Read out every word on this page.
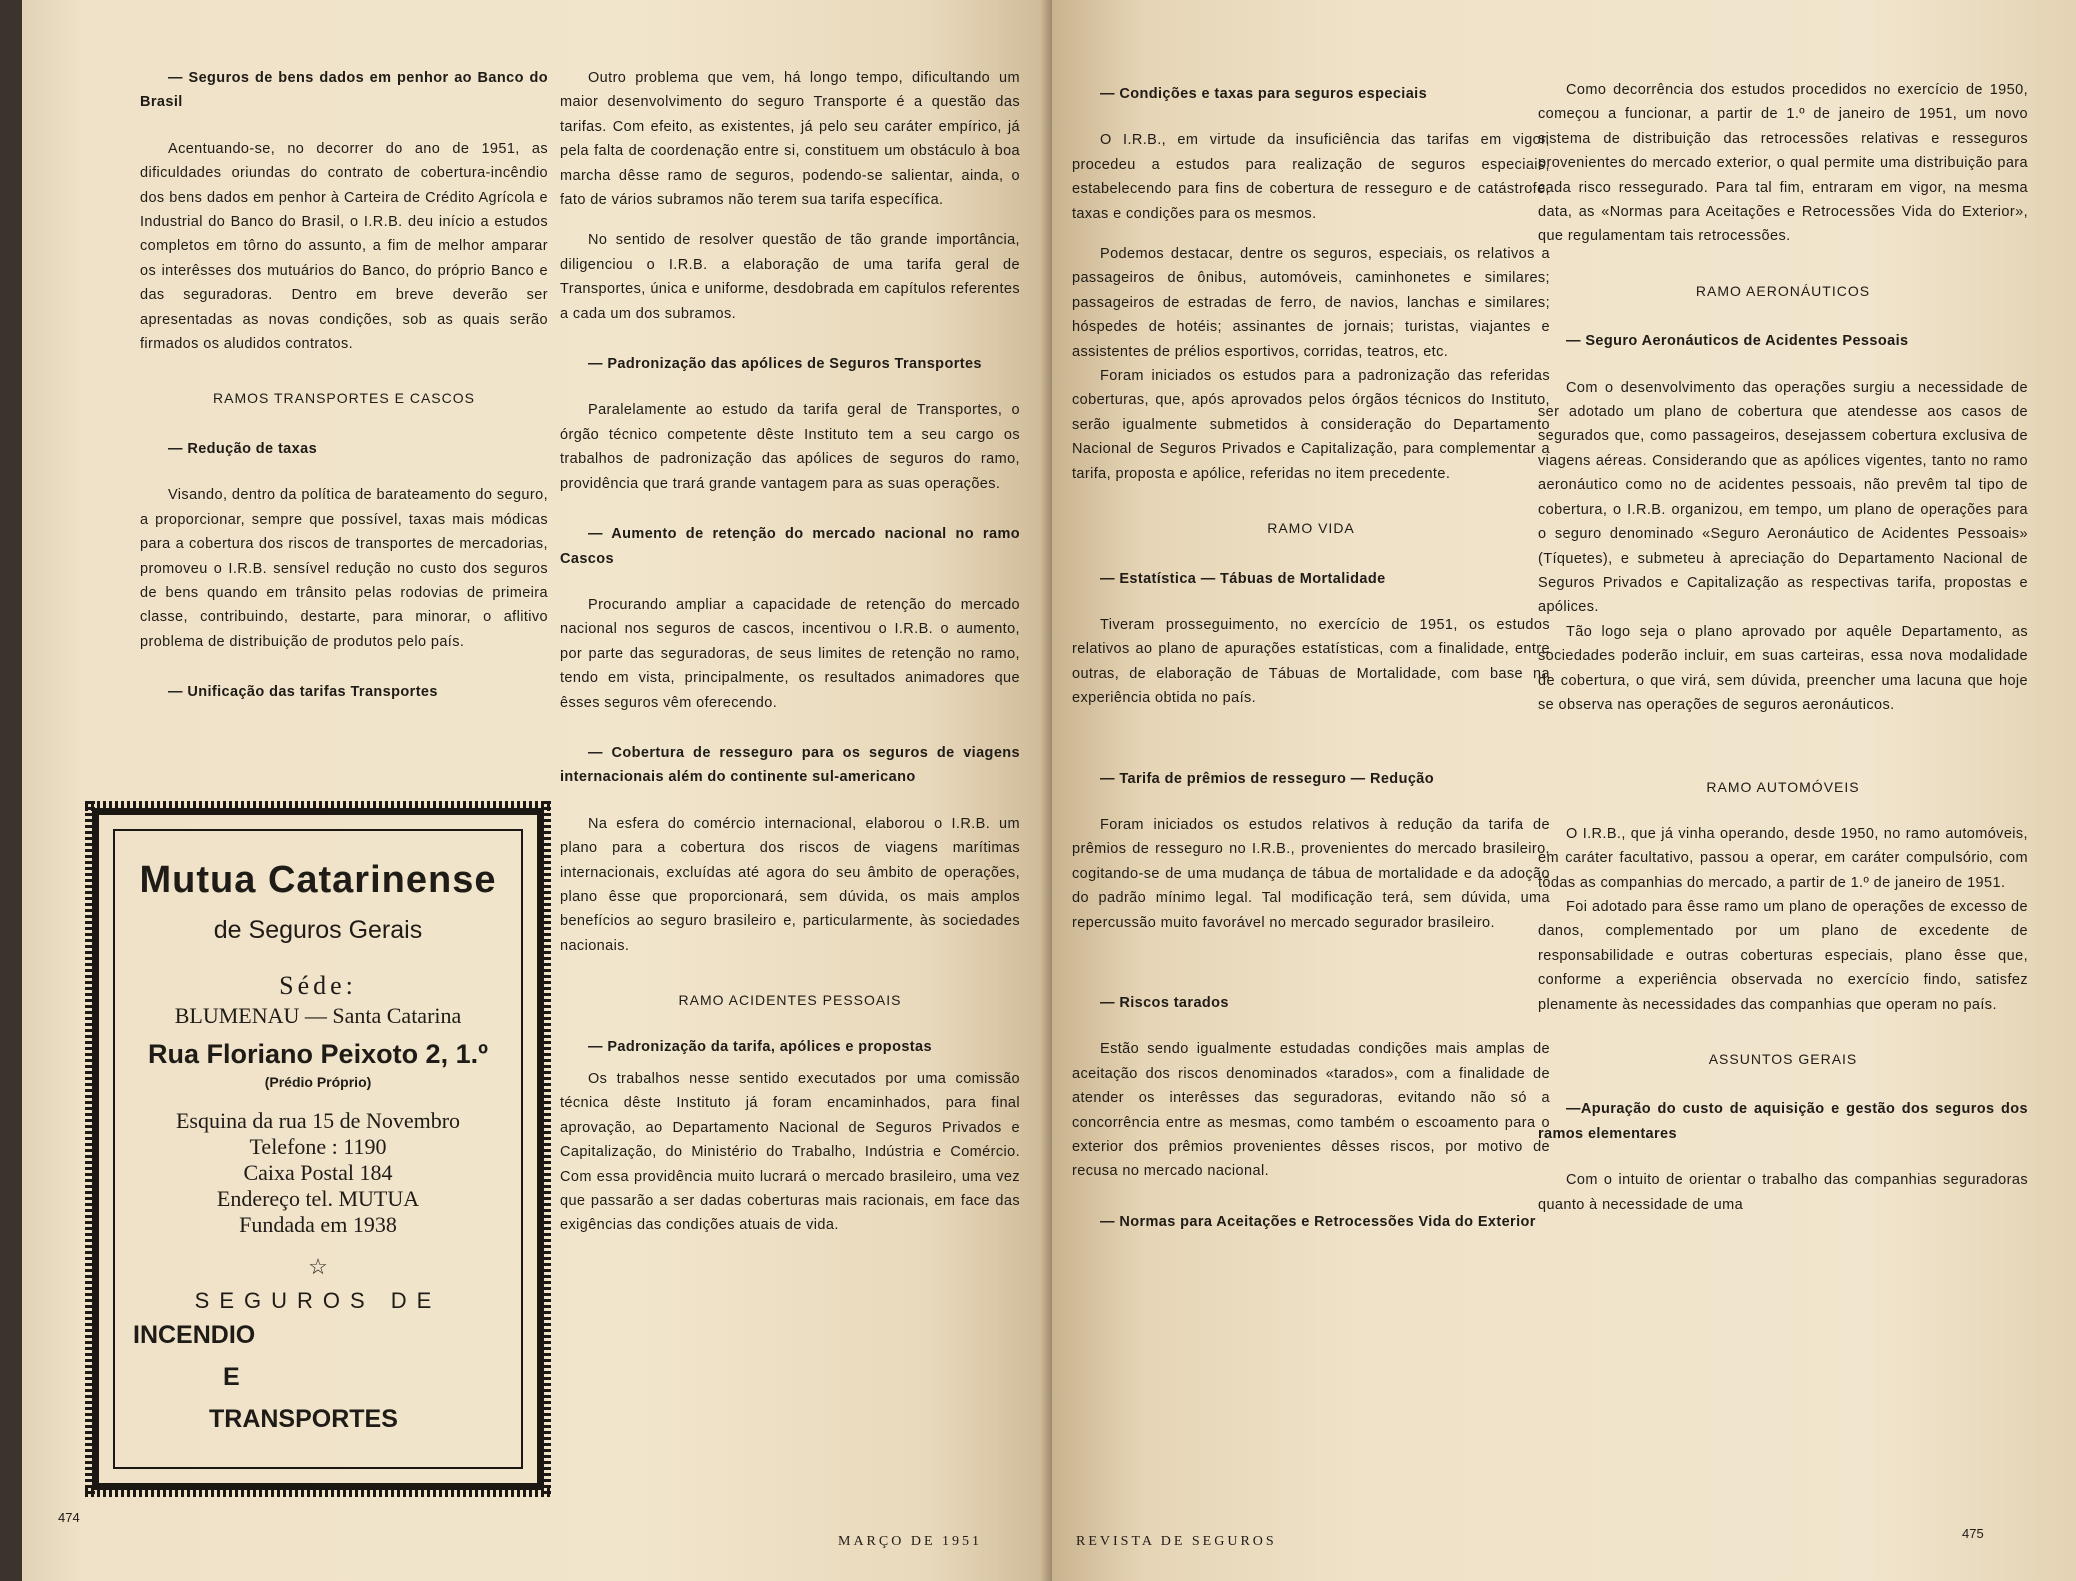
— Seguros de bens dados em penhor ao Banco do Brasil

Acentuando-se, no decorrer do ano de 1951, as dificuldades oriundas do contrato de cobertura-incêndio dos bens dados em penhor à Carteira de Crédito Agrícola e Industrial do Banco do Brasil, o I.R.B. deu início a estudos completos em tôrno do assunto, a fim de melhor amparar os interêsses dos mutuários do Banco, do próprio Banco e das seguradoras. Dentro em breve deverão ser apresentadas as novas condições, sob as quais serão firmados os aludidos contratos.

RAMOS TRANSPORTES E CASCOS

— Redução de taxas

Visando, dentro da política de barateamento do seguro, a proporcionar, sempre que possível, taxas mais módicas para a cobertura dos riscos de transportes de mercadorias, promoveu o I.R.B. sensível redução no custo dos seguros de bens quando em trânsito pelas rodovias de primeira classe, contribuindo, destarte, para minorar, o aflitivo problema de distribuição de produtos pelo país.

— Unificação das tarifas Transportes

Mutua Catarinense
de Seguros Gerais
Séde:
BLUMENAU — Santa Catarina
Rua Floriano Peixoto 2, 1.º
(Prédio Próprio)
Esquina da rua 15 de Novembro
Telefone : 1190
Caixa Postal 184
Endereço tel. MUTUA
Fundada em 1938
☆
SEGUROS DE
INCENDIO
E
TRANSPORTES

Outro problema que vem, há longo tempo, dificultando um maior desenvolvimento do seguro Transporte é a questão das tarifas. Com efeito, as existentes, já pelo seu caráter empírico, já pela falta de coordenação entre si, constituem um obstáculo à boa marcha dêsse ramo de seguros, podendo-se salientar, ainda, o fato de vários subramos não terem sua tarifa específica.

No sentido de resolver questão de tão grande importância, diligenciou o I.R.B. a elaboração de uma tarifa geral de Transportes, única e uniforme, desdobrada em capítulos referentes a cada um dos subramos.

— Padronização das apólices de Seguros Transportes

Paralelamente ao estudo da tarifa geral de Transportes, o órgão técnico competente dêste Instituto tem a seu cargo os trabalhos de padronização das apólices de seguros do ramo, providência que trará grande vantagem para as suas operações.

— Aumento de retenção do mercado nacional no ramo Cascos

Procurando ampliar a capacidade de retenção do mercado nacional nos seguros de cascos, incentivou o I.R.B. o aumento, por parte das seguradoras, de seus limites de retenção no ramo, tendo em vista, principalmente, os resultados animadores que êsses seguros vêm oferecendo.

— Cobertura de resseguro para os seguros de viagens internacionais além do continente sul-americano

Na esfera do comércio internacional, elaborou o I.R.B. um plano para a cobertura dos riscos de viagens marítimas internacionais, excluídas até agora do seu âmbito de operações, plano êsse que proporcionará, sem dúvida, os mais amplos benefícios ao seguro brasileiro e, particularmente, às sociedades nacionais.

RAMO ACIDENTES PESSOAIS

— Padronização da tarifa, apólices e propostas

Os trabalhos nesse sentido executados por uma comissão técnica dêste Instituto já foram encaminhados, para final aprovação, ao Departamento Nacional de Seguros Privados e Capitalização, do Ministério do Trabalho, Indústria e Comércio. Com essa providência muito lucrará o mercado brasileiro, uma vez que passarão a ser dadas coberturas mais racionais, em face das exigências das condições atuais de vida.

474
MARÇO DE 1951

— Condições e taxas para seguros especiais

O I.R.B., em virtude da insuficiência das tarifas em vigor, procedeu a estudos para realização de seguros especiais, estabelecendo para fins de cobertura de resseguro e de catástrofe, taxas e condições para os mesmos.

Podemos destacar, dentre os seguros, especiais, os relativos a passageiros de ônibus, automóveis, caminhonetes e similares; passageiros de estradas de ferro, de navios, lanchas e similares; hóspedes de hotéis; assinantes de jornais; turistas, viajantes e assistentes de prélios esportivos, corridas, teatros, etc.

Foram iniciados os estudos para a padronização das referidas coberturas, que, após aprovados pelos órgãos técnicos do Instituto, serão igualmente submetidos à consideração do Departamento Nacional de Seguros Privados e Capitalização, para complementar a tarifa, proposta e apólice, referidas no item precedente.

RAMO VIDA

— Estatística — Tábuas de Mortalidade

Tiveram prosseguimento, no exercício de 1951, os estudos relativos ao plano de apurações estatísticas, com a finalidade, entre outras, de elaboração de Tábuas de Mortalidade, com base na experiência obtida no país.

— Tarifa de prêmios de resseguro — Redução

Foram iniciados os estudos relativos à redução da tarifa de prêmios de resseguro no I.R.B., provenientes do mercado brasileiro, cogitando-se de uma mudança de tábua de mortalidade e da adoção do padrão mínimo legal. Tal modificação terá, sem dúvida, uma repercussão muito favorável no mercado segurador brasileiro.

— Riscos tarados

Estão sendo igualmente estudadas condições mais amplas de aceitação dos riscos denominados «tarados», com a finalidade de atender os interêsses das seguradoras, evitando não só a concorrência entre as mesmas, como também o escoamento para o exterior dos prêmios provenientes dêsses riscos, por motivo de recusa no mercado nacional.

— Normas para Aceitações e Retrocessões Vida do Exterior

Como decorrência dos estudos procedidos no exercício de 1950, começou a funcionar, a partir de 1.º de janeiro de 1951, um novo sistema de distribuição das retrocessões relativas e resseguros provenientes do mercado exterior, o qual permite uma distribuição para cada risco ressegurado. Para tal fim, entraram em vigor, na mesma data, as «Normas para Aceitações e Retrocessões Vida do Exterior», que regulamentam tais retrocessões.

RAMO AERONÁUTICOS

— Seguro Aeronáuticos de Acidentes Pessoais

Com o desenvolvimento das operações surgiu a necessidade de ser adotado um plano de cobertura que atendesse aos casos de segurados que, como passageiros, desejassem cobertura exclusiva de viagens aéreas. Considerando que as apólices vigentes, tanto no ramo aeronáutico como no de acidentes pessoais, não prevêm tal tipo de cobertura, o I.R.B. organizou, em tempo, um plano de operações para o seguro denominado «Seguro Aeronáutico de Acidentes Pessoais» (Tíquetes), e submeteu à apreciação do Departamento Nacional de Seguros Privados e Capitalização as respectivas tarifa, propostas e apólices.

Tão logo seja o plano aprovado por aquêle Departamento, as sociedades poderão incluir, em suas carteiras, essa nova modalidade de cobertura, o que virá, sem dúvida, preencher uma lacuna que hoje se observa nas operações de seguros aeronáuticos.

RAMO AUTOMÓVEIS

O I.R.B., que já vinha operando, desde 1950, no ramo automóveis, em caráter facultativo, passou a operar, em caráter compulsório, com tôdas as companhias do mercado, a partir de 1.º de janeiro de 1951.

Foi adotado para êsse ramo um plano de operações de excesso de danos, complementado por um plano de excedente de responsabilidade e outras coberturas especiais, plano êsse que, conforme a experiência observada no exercício findo, satisfez plenamente às necessidades das companhias que operam no país.

ASSUNTOS GERAIS

—Apuração do custo de aquisição e gestão dos seguros dos ramos elementares

Com o intuito de orientar o trabalho das companhias seguradoras quanto à necessidade de uma

REVISTA DE SEGUROS
475
